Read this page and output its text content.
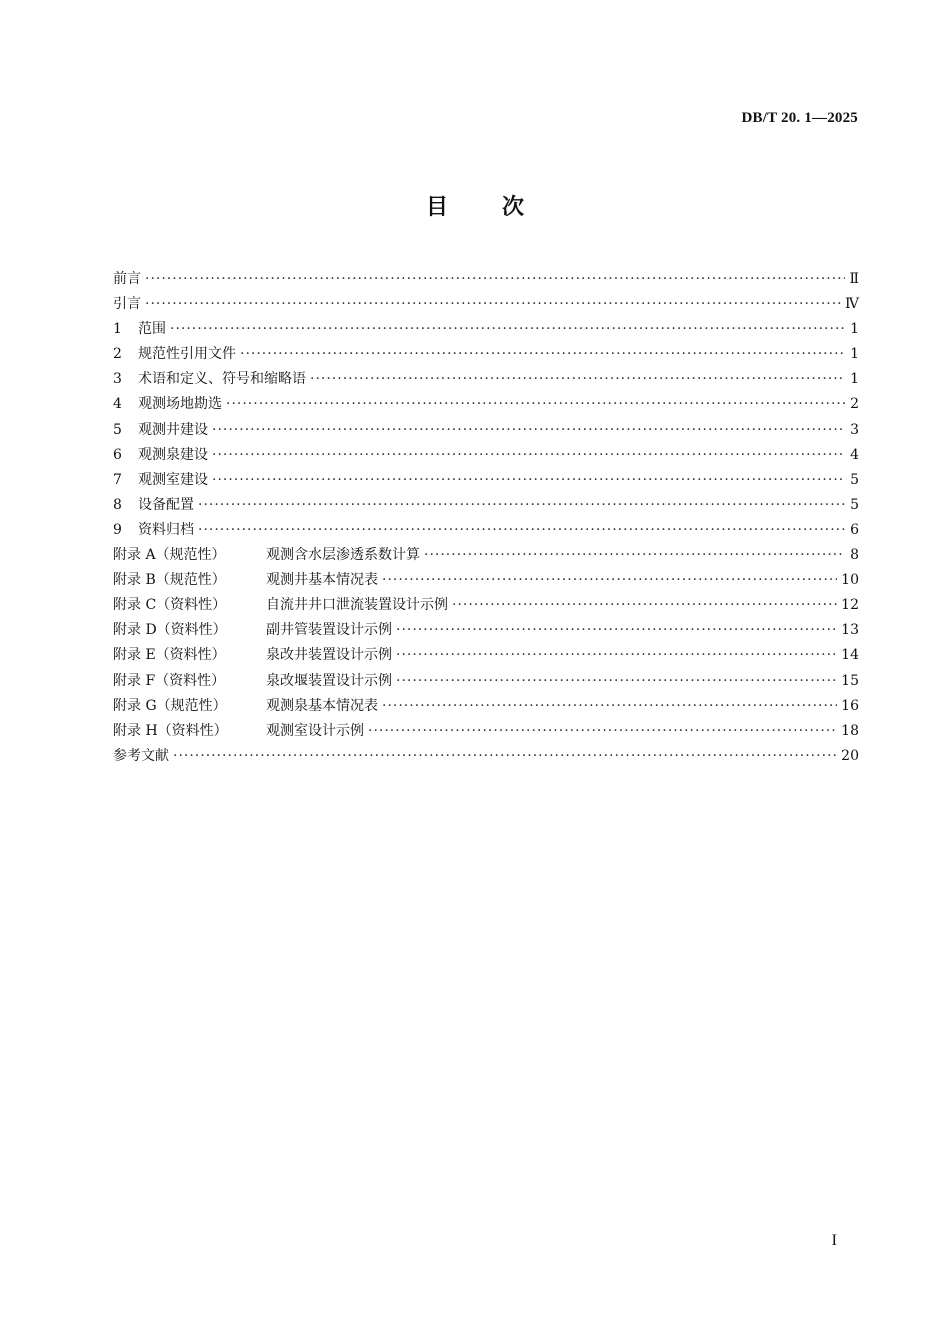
DB/T 20. 1—2025
目 次
前言 ·····	Ⅱ
引言 ·····	Ⅳ
1	范围 ·····	1
2	规范性引用文件 ·····	1
3	术语和定义、符号和缩略语 ·····	1
4	观测场地勘选 ·····	2
5	观测井建设 ·····	3
6	观测泉建设 ·····	4
7	观测室建设 ·····	5
8	设备配置 ·····	5
9	资料归档 ·····	6
附录 A（规范性）	观测含水层渗透系数计算 ·····	8
附录 B（规范性）	观测井基本情况表 ·····	10
附录 C（资料性）	自流井井口泄流装置设计示例 ·····	12
附录 D（资料性）	副井管装置设计示例 ·····	13
附录 E（资料性）	泉改井装置设计示例 ·····	14
附录 F（资料性）	泉改堰装置设计示例 ·····	15
附录 G（规范性）	观测泉基本情况表 ·····	16
附录 H（资料性）	观测室设计示例 ·····	18
参考文献 ·····	20
I
